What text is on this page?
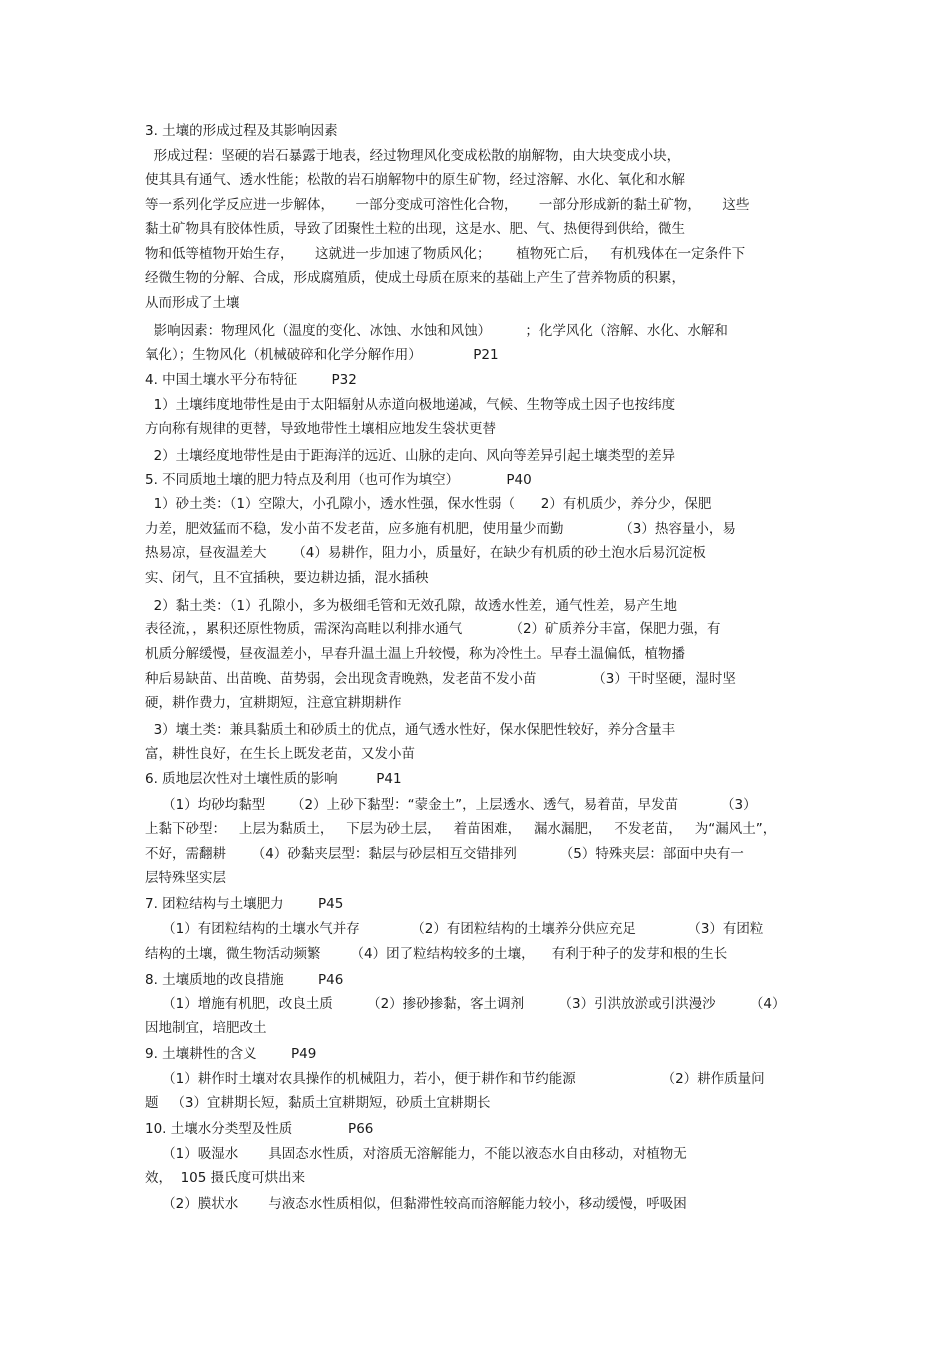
3. 土壤的形成过程及其影响因素
形成过程：坚硬的岩石暴露于地表，经过物理风化变成松散的崩解物，由大块变成小块，
使其具有通气、透水性能；松散的岩石崩解物中的原生矿物，经过溶解、水化、氧化和水解
等一系列化学反应进一步解体，     一部分变成可溶性化合物，     一部分形成新的黏土矿物，     这些
黏土矿物具有胶体性质，导致了团聚性土粒的出现，这是水、肥、气、热便得到供给，微生
物和低等植物开始生存，     这就进一步加速了物质风化；      植物死亡后，   有机残体在一定条件下
经微生物的分解、合成，形成腐殖质，使成土母质在原来的基础上产生了营养物质的积累，
从而形成了土壤
影响因素：物理风化（温度的变化、冰蚀、水蚀和风蚀）        ；化学风化（溶解、水化、水解和
氧化）；生物风化（机械破碎和化学分解作用）            P21
4. 中国土壤水平分布特征        P32
1）土壤纬度地带性是由于太阳辐射从赤道向极地递减，气候、生物等成土因子也按纬度
方向称有规律的更替，导致地带性土壤相应地发生袋状更替
2）土壤经度地带性是由于距海洋的远近、山脉的走向、风向等差异引起土壤类型的差异
5. 不同质地土壤的肥力特点及利用（也可作为填空）           P40
1）砂土类：（1）空隙大，小孔隙小，透水性强，保水性弱（      2）有机质少，养分少，保肥
力差，肥效猛而不稳，发小苗不发老苗，应多施有机肥，使用量少而勤             （3）热容量小，易
热易凉，昼夜温差大      （4）易耕作，阻力小，质量好，在缺少有机质的砂土泡水后易沉淀板
实、闭气，且不宜插秧，要边耕边插，混水插秧
2）黏土类：（1）孔隙小，多为极细毛管和无效孔隙，故透水性差，通气性差，易产生地
表径流，，累积还原性物质，需深沟高畦以利排水通气           （2）矿质养分丰富，保肥力强，有
机质分解缓慢，昼夜温差小，早春升温土温上升较慢，称为冷性土。早春土温偏低，植物播
种后易缺苗、出苗晚、苗势弱，会出现贪青晚熟，发老苗不发小苗             （3）干时坚硬，湿时坚
硬，耕作费力，宜耕期短，注意宜耕期耕作
3）壤土类：兼具黏质土和砂质土的优点，通气透水性好，保水保肥性较好，养分含量丰
富，耕性良好，在生长上既发老苗，又发小苗
6. 质地层次性对土壤性质的影响         P41
（1）均砂均黏型      （2）上砂下黏型：“蒙金土”，上层透水、透气，易着苗，早发苗          （3）
上黏下砂型：   上层为黏质土，   下层为砂土层，   着苗困难，   漏水漏肥，   不发老苗，   为“漏风土”，
不好，需翻耕      （4）砂黏夹层型：黏层与砂层相互交错排列          （5）特殊夹层：部面中央有一
层特殊坚实层
7. 团粒结构与土壤肥力        P45
（1）有团粒结构的土壤水气并存            （2）有团粒结构的土壤养分供应充足            （3）有团粒
结构的土壤，微生物活动频繁       （4）团了粒结构较多的土壤，    有利于种子的发芽和根的生长
8. 土壤质地的改良措施        P46
（1）增施有机肥，改良土质        （2）掺砂掺黏，客土调剂        （3）引洪放淤或引洪漫沙        （4）
因地制宜，培肥改土
9. 土壤耕性的含义        P49
（1）耕作时土壤对农具操作的机械阻力，若小，便于耕作和节约能源                    （2）耕作质量问
题   （3）宜耕期长短，黏质土宜耕期短，砂质土宜耕期长
10. 土壤水分类型及性质             P66
（1）吸湿水       具固态水性质，对溶质无溶解能力，不能以液态水自由移动，对植物无
效，  105 摄氏度可烘出来
（2）膜状水       与液态水性质相似，但黏滞性较高而溶解能力较小，移动缓慢，呼吸困
